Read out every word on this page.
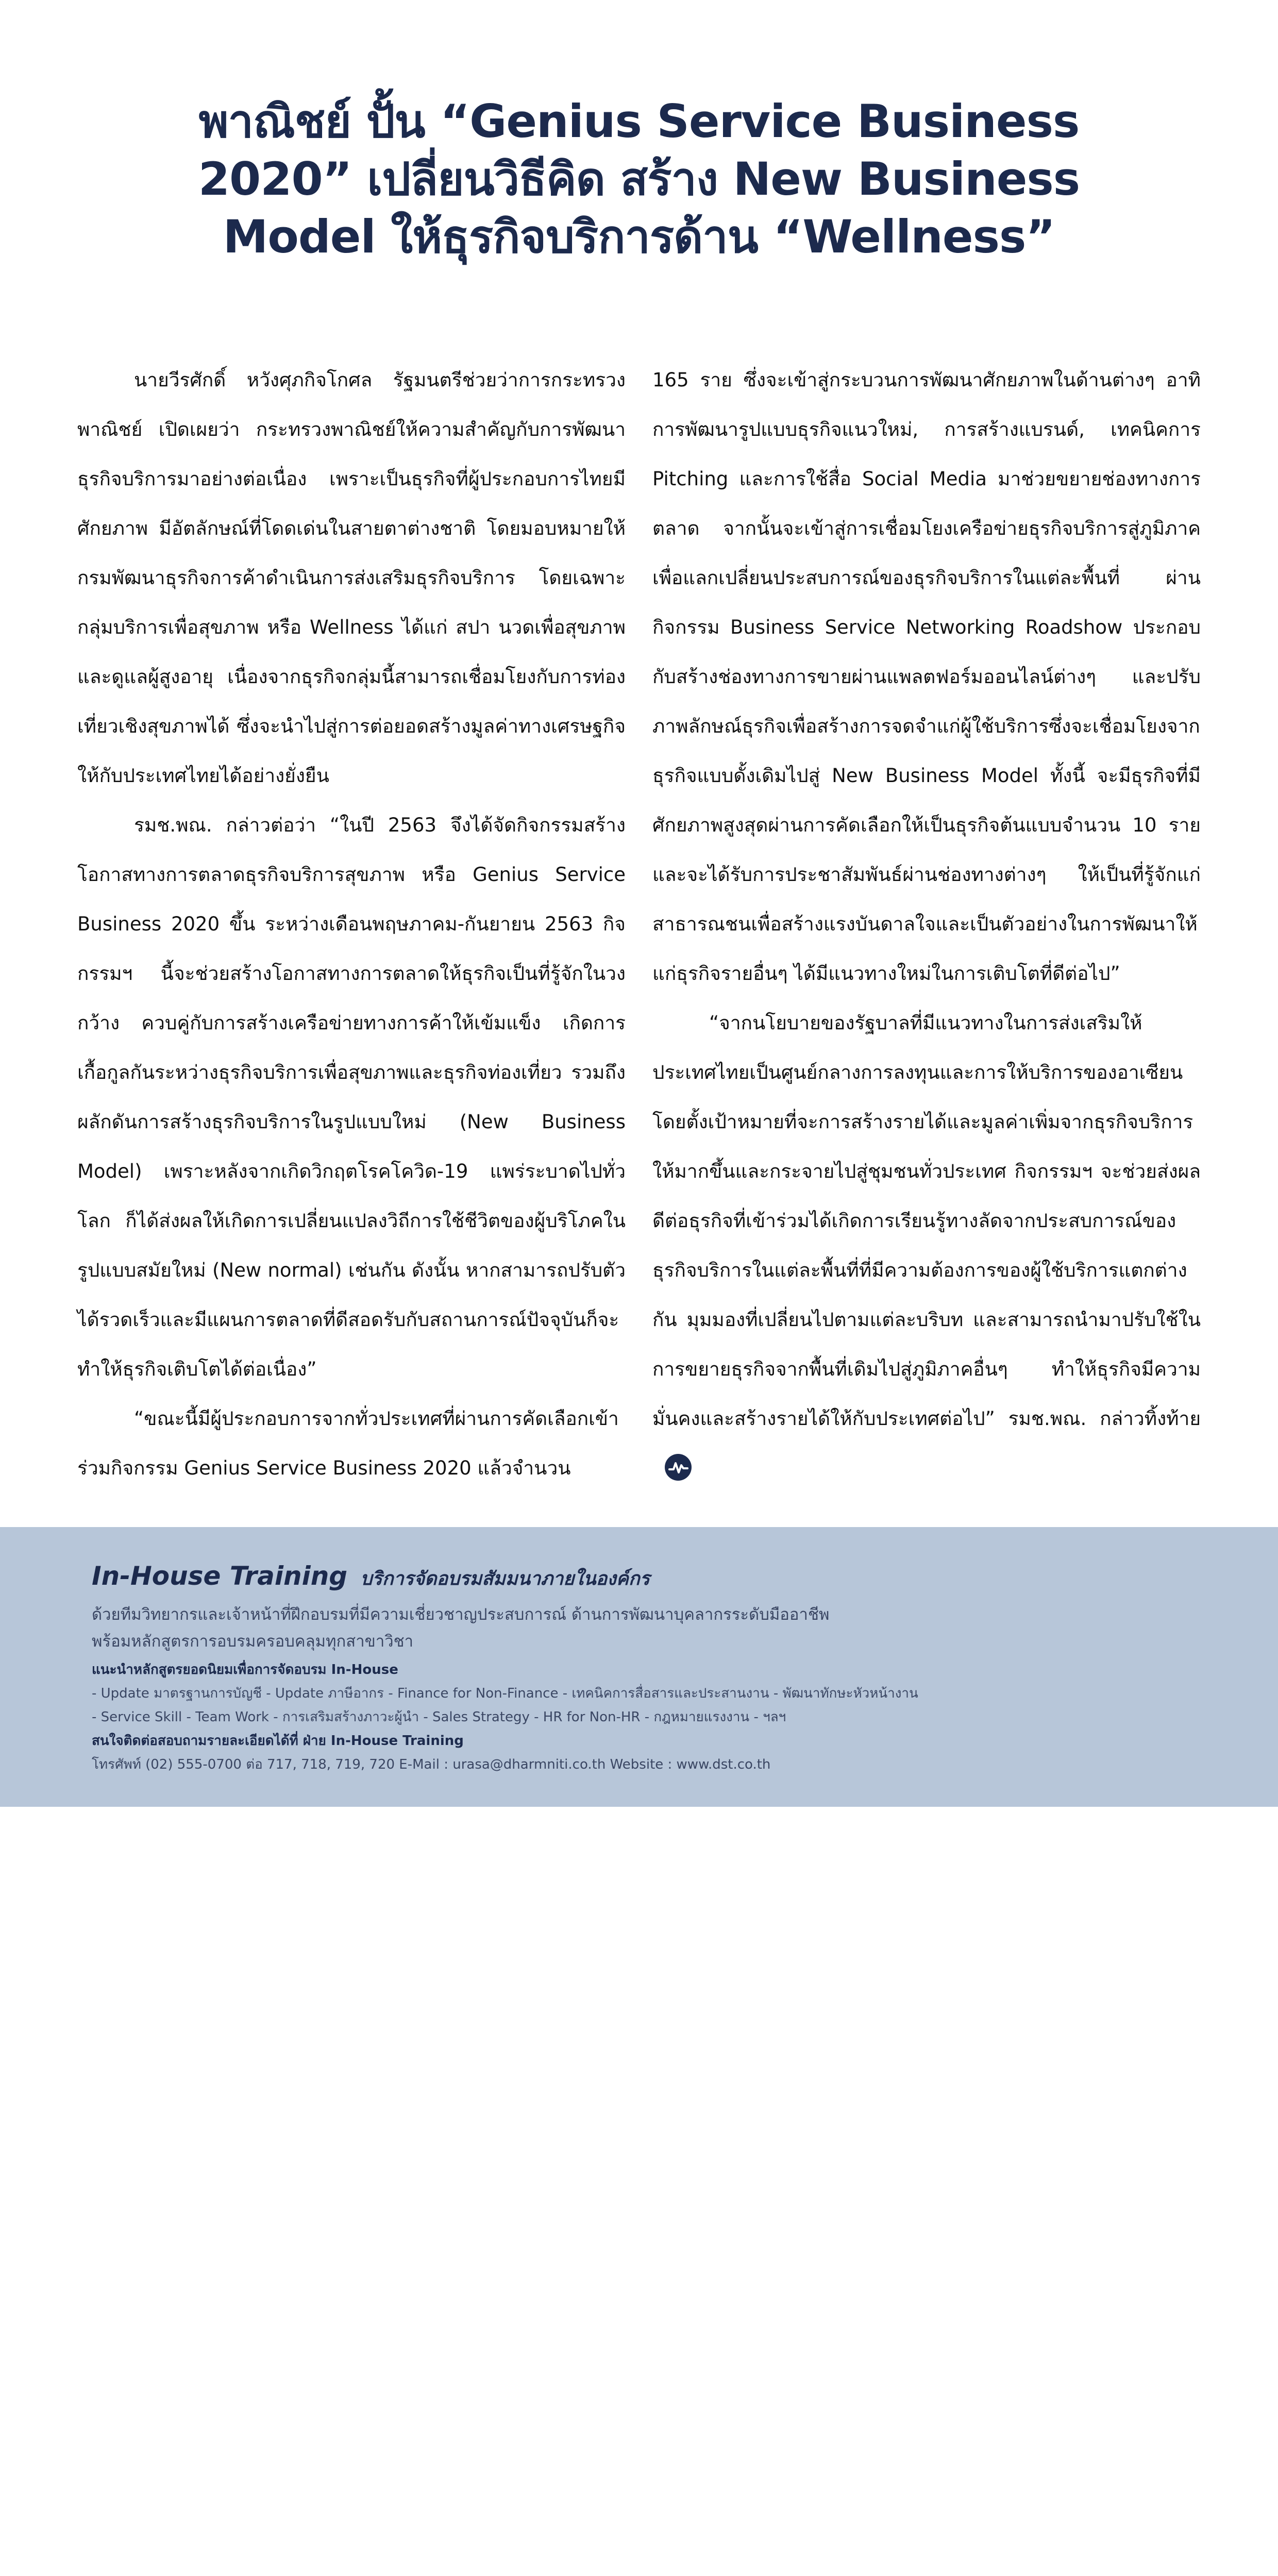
พาณิชย์ ปั้น “Genius Service Business
2020” เปลี่ยนวิธีคิด สร้าง New Business
Model ให้ธุรกิจบริการด้าน “Wellness”

นายวีรศักดิ์ หวังศุภกิจโกศล รัฐมนตรีช่วยว่าการกระทรวงพาณิชย์ เปิดเผยว่า กระทรวงพาณิชย์ให้ความสำคัญกับการพัฒนาธุรกิจบริการมาอย่างต่อเนื่อง เพราะเป็นธุรกิจที่ผู้ประกอบการไทยมีศักยภาพ มีอัตลักษณ์ที่โดดเด่นในสายตาต่างชาติ โดยมอบหมายให้กรมพัฒนาธุรกิจการค้าดำเนินการส่งเสริมธุรกิจบริการ โดยเฉพาะกลุ่มบริการเพื่อสุขภาพ หรือ Wellness ได้แก่ สปา นวดเพื่อสุขภาพ และดูแลผู้สูงอายุ เนื่องจากธุรกิจกลุ่มนี้สามารถเชื่อมโยงกับการท่องเที่ยวเชิงสุขภาพได้ ซึ่งจะนำไปสู่การต่อยอดสร้างมูลค่าทางเศรษฐกิจให้กับประเทศไทยได้อย่างยั่งยืน

รมช.พณ. กล่าวต่อว่า “ในปี 2563 จึงได้จัดกิจกรรมสร้างโอกาสทางการตลาดธุรกิจบริการสุขภาพ หรือ Genius Service Business 2020 ขึ้น ระหว่างเดือนพฤษภาคม-กันยายน 2563 กิจกรรมฯ นี้จะช่วยสร้างโอกาสทางการตลาดให้ธุรกิจเป็นที่รู้จักในวงกว้าง ควบคู่กับการสร้างเครือข่ายทางการค้าให้เข้มแข็ง เกิดการเกื้อกูลกันระหว่างธุรกิจบริการเพื่อสุขภาพและธุรกิจท่องเที่ยว รวมถึงผลักดันการสร้างธุรกิจบริการในรูปแบบใหม่ (New Business Model) เพราะหลังจากเกิดวิกฤตโรคโควิด-19 แพร่ระบาดไปทั่วโลก ก็ได้ส่งผลให้เกิดการเปลี่ยนแปลงวิถีการใช้ชีวิตของผู้บริโภคในรูปแบบสมัยใหม่ (New normal) เช่นกัน ดังนั้น หากสามารถปรับตัวได้รวดเร็วและมีแผนการตลาดที่ดีสอดรับกับสถานการณ์ปัจจุบันก็จะทำให้ธุรกิจเติบโตได้ต่อเนื่อง”

“ขณะนี้มีผู้ประกอบการจากทั่วประเทศที่ผ่านการคัดเลือกเข้าร่วมกิจกรรม Genius Service Business 2020 แล้วจำนวน

165 ราย ซึ่งจะเข้าสู่กระบวนการพัฒนาศักยภาพในด้านต่างๆ อาทิ การพัฒนารูปแบบธุรกิจแนวใหม่, การสร้างแบรนด์, เทคนิคการ Pitching และการใช้สื่อ Social Media มาช่วยขยายช่องทางการตลาด จากนั้นจะเข้าสู่การเชื่อมโยงเครือข่ายธุรกิจบริการสู่ภูมิภาค เพื่อแลกเปลี่ยนประสบการณ์ของธุรกิจบริการในแต่ละพื้นที่ ผ่านกิจกรรม Business Service Networking Roadshow ประกอบกับสร้างช่องทางการขายผ่านแพลตฟอร์มออนไลน์ต่างๆ และปรับภาพลักษณ์ธุรกิจเพื่อสร้างการจดจำแก่ผู้ใช้บริการซึ่งจะเชื่อมโยงจากธุรกิจแบบดั้งเดิมไปสู่ New Business Model ทั้งนี้ จะมีธุรกิจที่มีศักยภาพสูงสุดผ่านการคัดเลือกให้เป็นธุรกิจต้นแบบจำนวน 10 ราย และจะได้รับการประชาสัมพันธ์ผ่านช่องทางต่างๆ ให้เป็นที่รู้จักแก่สาธารณชนเพื่อสร้างแรงบันดาลใจและเป็นตัวอย่างในการพัฒนาให้แก่ธุรกิจรายอื่นๆ ได้มีแนวทางใหม่ในการเติบโตที่ดีต่อไป”

“จากนโยบายของรัฐบาลที่มีแนวทางในการส่งเสริมให้ประเทศไทยเป็นศูนย์กลางการลงทุนและการให้บริการของอาเซียน โดยตั้งเป้าหมายที่จะการสร้างรายได้และมูลค่าเพิ่มจากธุรกิจบริการให้มากขึ้นและกระจายไปสู่ชุมชนทั่วประเทศ กิจกรรมฯ จะช่วยส่งผลดีต่อธุรกิจที่เข้าร่วมได้เกิดการเรียนรู้ทางลัดจากประสบการณ์ของธุรกิจบริการในแต่ละพื้นที่ที่มีความต้องการของผู้ใช้บริการแตกต่างกัน มุมมองที่เปลี่ยนไปตามแต่ละบริบท และสามารถนำมาปรับใช้ในการขยายธุรกิจจากพื้นที่เดิมไปสู่ภูมิภาคอื่นๆ ทำให้ธุรกิจมีความมั่นคงและสร้างรายได้ให้กับประเทศต่อไป” รมช.พณ. กล่าวทิ้งท้าย

In-House Training บริการจัดอบรมสัมมนาภายในองค์กร
ด้วยทีมวิทยากรและเจ้าหน้าที่ฝึกอบรมที่มีความเชี่ยวชาญประสบการณ์ ด้านการพัฒนาบุคลากรระดับมืออาชีพ
พร้อมหลักสูตรการอบรมครอบคลุมทุกสาขาวิชา
แนะนำหลักสูตรยอดนิยมเพื่อการจัดอบรม In-House
- Update มาตรฐานการบัญชี - Update ภาษีอากร - Finance for Non-Finance - เทคนิคการสื่อสารและประสานงาน - พัฒนาทักษะหัวหน้างาน
- Service Skill - Team Work - การเสริมสร้างภาวะผู้นำ - Sales Strategy - HR for Non-HR - กฎหมายแรงงาน - ฯลฯ
สนใจติดต่อสอบถามรายละเอียดได้ที่ ฝ่าย In-House Training
โทรศัพท์ (02) 555-0700 ต่อ 717, 718, 719, 720 E-Mail : urasa@dharmniti.co.th Website : www.dst.co.th
